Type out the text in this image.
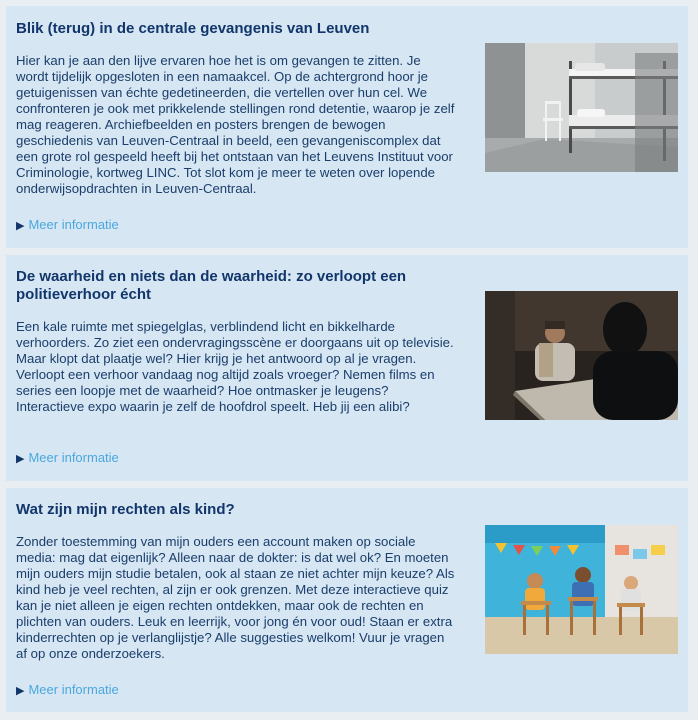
Blik (terug) in de centrale gevangenis van Leuven

Hier kan je aan den lijve ervaren hoe het is om gevangen te zitten. Je wordt tijdelijk opgesloten in een namaakcel. Op de achtergrond hoor je getuigenissen van échte gedetineerden, die vertellen over hun cel. We confronteren je ook met prikkelende stellingen rond detentie, waarop je zelf mag reageren. Archiefbeelden en posters brengen de bewogen geschiedenis van Leuven-Centraal in beeld, een gevangeniscomplex dat een grote rol gespeeld heeft bij het ontstaan van het Leuvens Instituut voor Criminologie, kortweg LINC. Tot slot kom je meer te weten over lopende onderwijsopdrachten in Leuven-Centraal.

▶ Meer informatie
De waarheid en niets dan de waarheid: zo verloopt een politieverhoor écht

Een kale ruimte met spiegelglas, verblindend licht en bikkelharde verhoorders. Zo ziet een ondervragingsscène er doorgaans uit op televisie. Maar klopt dat plaatje wel? Hier krijg je het antwoord op al je vragen. Verloopt een verhoor vandaag nog altijd zoals vroeger? Nemen films en series een loopje met de waarheid? Hoe ontmasker je leugens? Interactieve expo waarin je zelf de hoofdrol speelt. Heb jij een alibi?

▶ Meer informatie
Wat zijn mijn rechten als kind?

Zonder toestemming van mijn ouders een account maken op sociale media: mag dat eigenlijk? Alleen naar de dokter: is dat wel ok? En moeten mijn ouders mijn studie betalen, ook al staan ze niet achter mijn keuze? Als kind heb je veel rechten, al zijn er ook grenzen. Met deze interactieve quiz kan je niet alleen je eigen rechten ontdekken, maar ook de rechten en plichten van ouders. Leuk en leerrijk, voor jong én voor oud! Staan er extra kinderrechten op je verlanglijstje? Alle suggesties welkom! Vuur je vragen af op onze onderzoekers.

▶ Meer informatie
